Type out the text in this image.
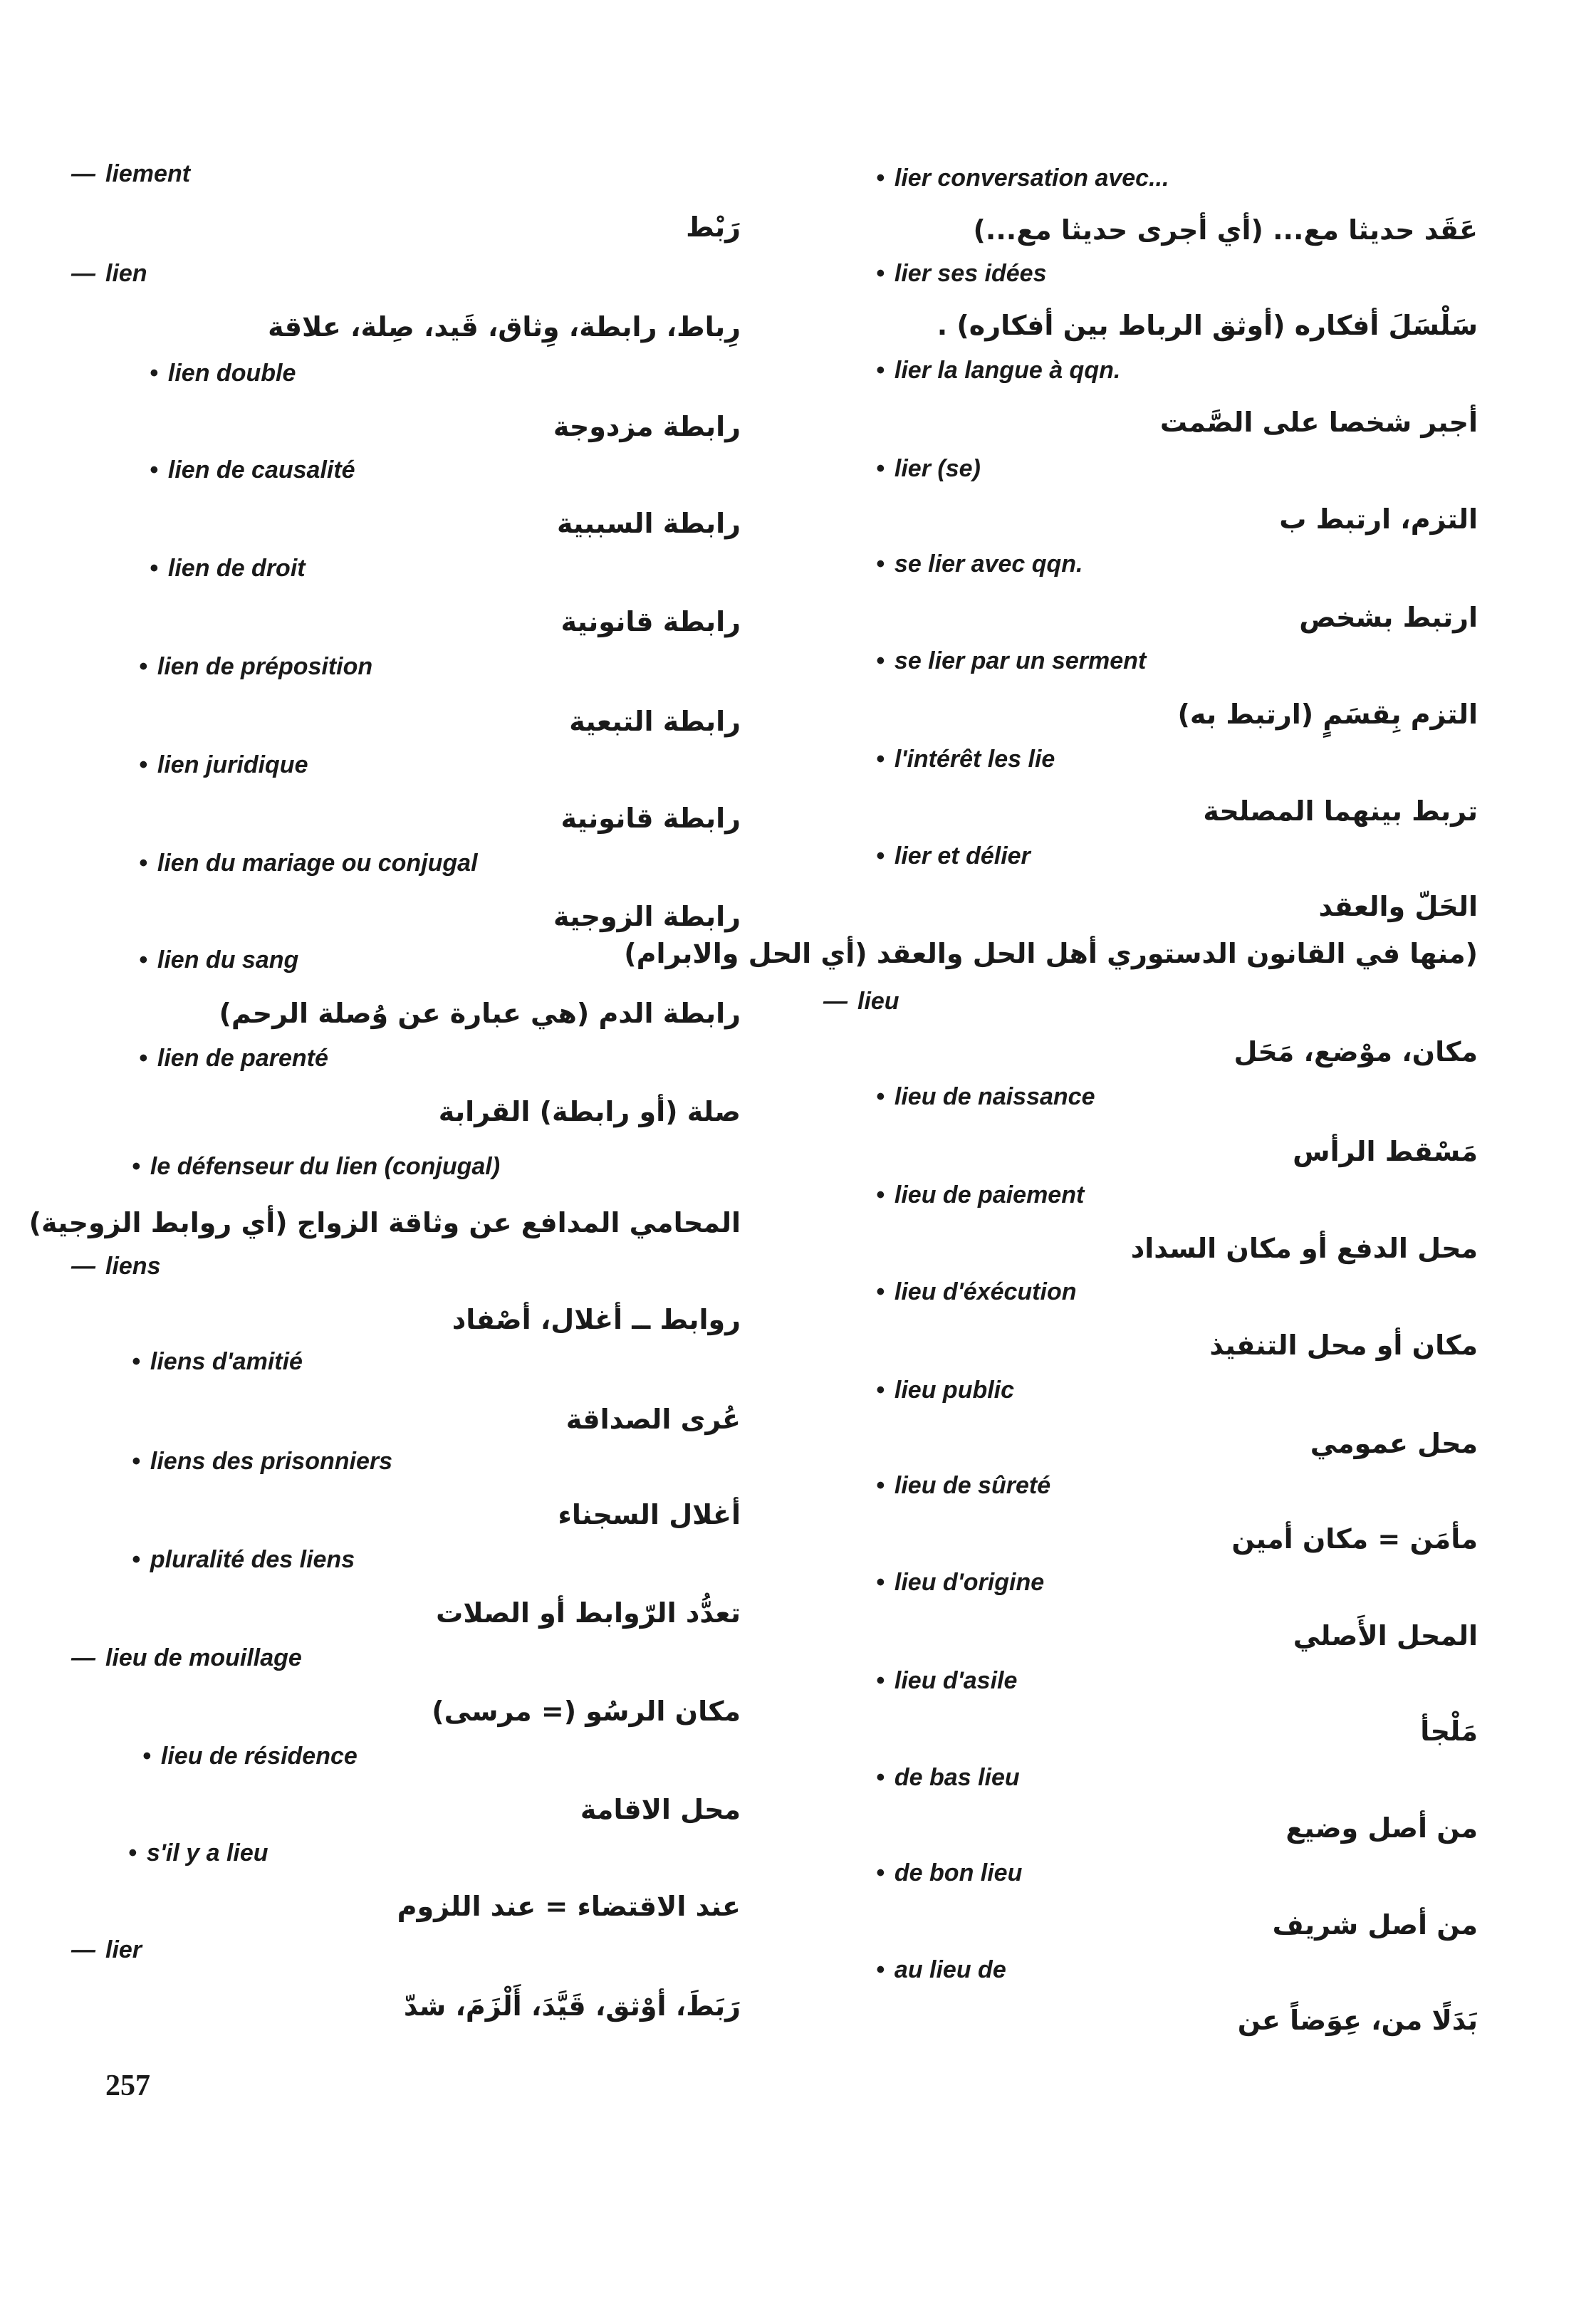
— liement
رَبْط
— lien
رِباط، رابطة، وِثاق، قَيد، صِلة، علاقة
• lien double
رابطة مزدوجة
• lien de causalité
رابطة السببية
• lien de droit
رابطة قانونية
• lien de préposition
رابطة التبعية
• lien juridique
رابطة قانونية
• lien du mariage ou conjugal
رابطة الزوجية
• lien du sang
رابطة الدم (هي عبارة عن وُصلة الرحم)
• lien de parenté
صلة (أو رابطة) القرابة
• le défenseur du lien (conjugal)
المحامي المدافع عن وثاقة الزواج (أي روابط الزوجية)
— liens
روابط ــ أغلال، أصْفاد
• liens d'amitié
عُرى الصداقة
• liens des prisonniers
أغلال السجناء
• pluralité des liens
تعدُّد الرّوابط أو الصلات
— lieu de mouillage
مكان الرسُو (= مرسى)
• lieu de résidence
محل الاقامة
• s'il y a lieu
عند الاقتضاء = عند اللزوم
— lier
رَبَطَ، أوْثق، قَيَّدَ، أَلْزَمَ، شدّ
• lier conversation avec...
عَقَد حديثا مع... (أي أجرى حديثا مع...)
• lier ses idées
سَلْسَلَ أفكاره (أوثق الرباط بين أفكاره) .
• lier la langue à qqn.
أجبر شخصا على الصَّمت
• lier (se)
التزم، ارتبط ب
• se lier avec qqn.
ارتبط بشخص
• se lier par un serment
التزم بِقسَمٍ (ارتبط به)
• l'intérêt les lie
تربط بينهما المصلحة
• lier et délier
الحَلّ والعقد
(منها في القانون الدستوري أهل الحل والعقد (أي الحل والابرام)
— lieu
مكان، موْضع، مَحَل
• lieu de naissance
مَسْقط الرأس
• lieu de paiement
محل الدفع أو مكان السداد
• lieu d'éxécution
مكان أو محل التنفيذ
• lieu public
محل عمومي
• lieu de sûreté
مأمَن = مكان أمين
• lieu d'origine
المحل الأَصلي
• lieu d'asile
مَلْجأ
• de bas lieu
من أصل وضيع
• de bon lieu
من أصل شريف
• au lieu de
بَدَلًا من، عِوَضاً عن
257
